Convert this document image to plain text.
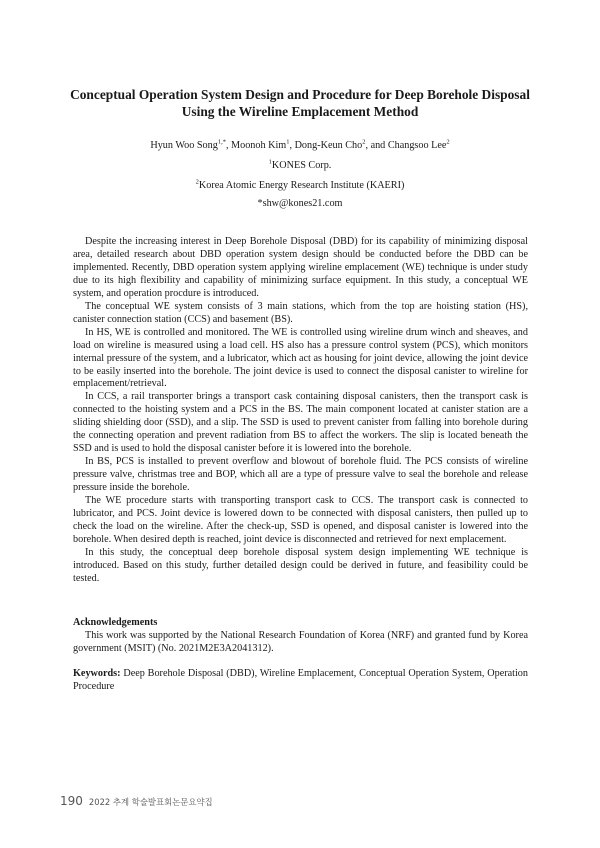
Conceptual Operation System Design and Procedure for Deep Borehole Disposal
Using the Wireline Emplacement Method
Hyun Woo Song$^{1,*}$, Moonoh Kim$^1$, Dong-Keun Cho$^2$, and Changsoo Lee$^2$
$^1$KONES Corp.
$^2$Korea Atomic Energy Research Institute (KAERI)
*shw@kones21.com

Despite the increasing interest in Deep Borehole Disposal (DBD) for its capability of minimizing disposal area, detailed research about DBD operation system design should be conducted before the DBD can be implemented. Recently, DBD operation system applying wireline emplacement (WE) technique is under study due to its high flexibility and capability of minimizing surface equipment. In this study, a conceptual WE system, and operation procdure is introduced.

The conceptual WE system consists of 3 main stations, which from the top are hoisting station (HS), canister connection station (CCS) and basement (BS).

In HS, WE is controlled and monitored. The WE is controlled using wireline drum winch and sheaves, and load on wireline is measured using a load cell. HS also has a pressure control system (PCS), which monitors internal pressure of the system, and a lubricator, which act as housing for joint device, allowing the joint device to be easily inserted into the borehole. The joint device is used to connect the disposal canister to wireline for emplacement/retrieval.

In CCS, a rail transporter brings a transport cask containing disposal canisters, then the transport cask is connected to the hoisting system and a PCS in the BS. The main component located at canister station are a sliding shielding door (SSD), and a slip. The SSD is used to prevent canister from falling into borehole during the connecting operation and prevent radiation from BS to affect the workers. The slip is located beneath the SSD and is used to hold the disposal canister before it is lowered into the borehole.

In BS, PCS is installed to prevent overflow and blowout of borehole fluid. The PCS consists of wireline pressure valve, christmas tree and BOP, which all are a type of pressure valve to seal the borehole and release pressure inside the borehole.

The WE procedure starts with transporting transport cask to CCS. The transport cask is connected to lubricator, and PCS. Joint device is lowered down to be connected with disposal canisters, then pulled up to check the load on the wireline. After the check-up, SSD is opened, and disposal canister is lowered into the borehole. When desired depth is reached, joint device is disconnected and retrieved for next emplacement.

In this study, the conceptual deep borehole disposal system design implementing WE technique is introduced. Based on this study, further detailed design could be derived in future, and feasibility could be tested.

Acknowledgements

This work was supported by the National Research Foundation of Korea (NRF) and granted fund by Korea government (MSIT) (No. 2021M2E3A2041312).

Keywords: Deep Borehole Disposal (DBD), Wireline Emplacement, Conceptual Operation System, Operation Procedure
190 2022 추계 학술발표회논문요약집
